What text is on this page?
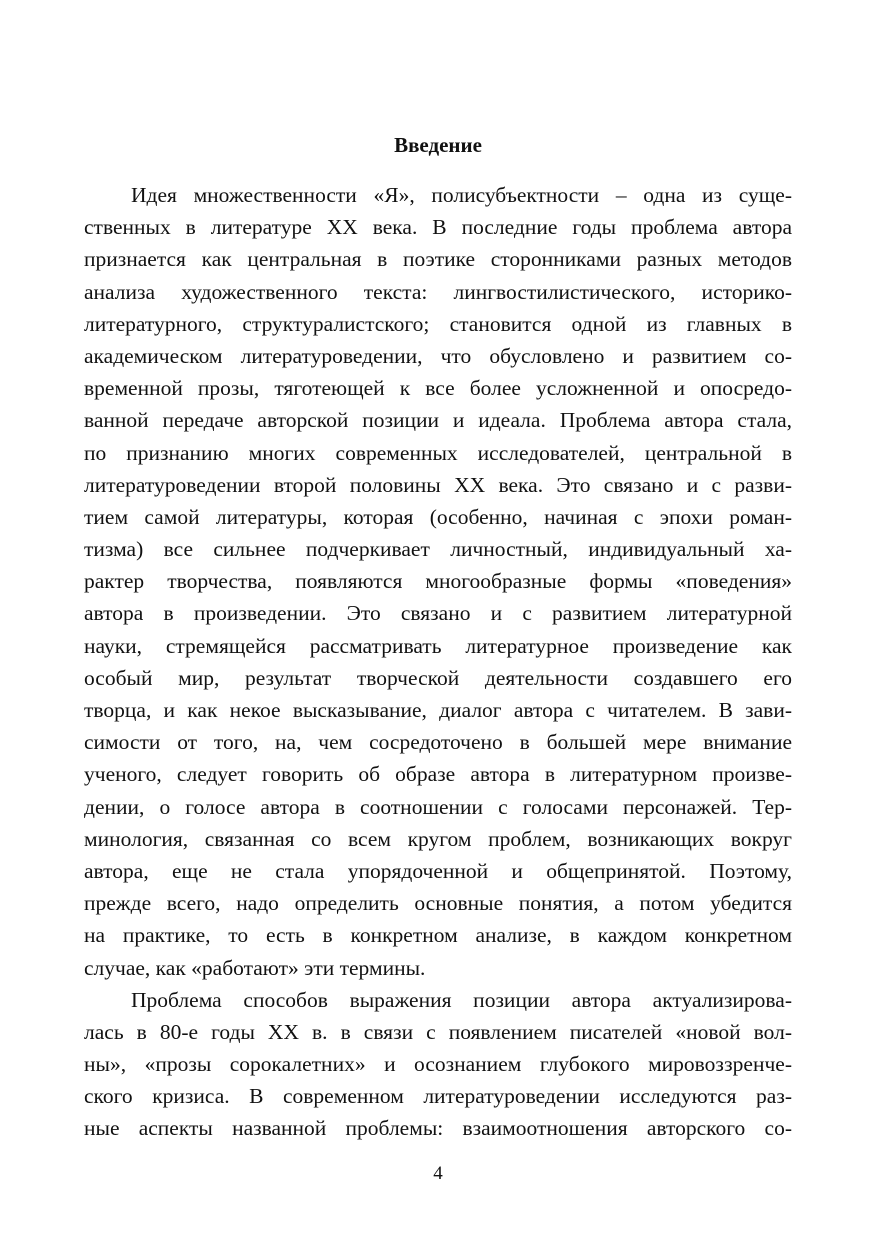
Введение
Идея множественности «Я», полисубъектности – одна из суще-
ственных в литературе XX века. В последние годы проблема автора
признается как центральная в поэтике сторонниками разных методов
анализа художественного текста: лингвостилистического, историко-
литературного, структуралистского; становится одной из главных в
академическом литературоведении, что обусловлено и развитием со-
временной прозы, тяготеющей к все более усложненной и опосредо-
ванной передаче авторской позиции и идеала. Проблема автора стала,
по признанию многих современных исследователей, центральной в
литературоведении второй половины XX века. Это связано и с разви-
тием самой литературы, которая (особенно, начиная с эпохи роман-
тизма) все сильнее подчеркивает личностный, индивидуальный ха-
рактер творчества, появляются многообразные формы «поведения»
автора в произведении. Это связано и с развитием литературной
науки, стремящейся рассматривать литературное произведение как
особый мир, результат творческой деятельности создавшего его
творца, и как некое высказывание, диалог автора с читателем. В зави-
симости от того, на, чем сосредоточено в большей мере внимание
ученого, следует говорить об образе автора в литературном произве-
дении, о голосе автора в соотношении с голосами персонажей. Тер-
минология, связанная со всем кругом проблем, возникающих вокруг
автора, еще не стала упорядоченной и общепринятой. Поэтому,
прежде всего, надо определить основные понятия, а потом убедится
на практике, то есть в конкретном анализе, в каждом конкретном
случае, как «работают» эти термины.
Проблема способов выражения позиции автора актуализирова-
лась в 80-е годы XX в. в связи с появлением писателей «новой вол-
ны», «прозы сорокалетних» и осознанием глубокого мировоззренче-
ского кризиса. В современном литературоведении исследуются раз-
ные аспекты названной проблемы: взаимоотношения авторского со-
4
